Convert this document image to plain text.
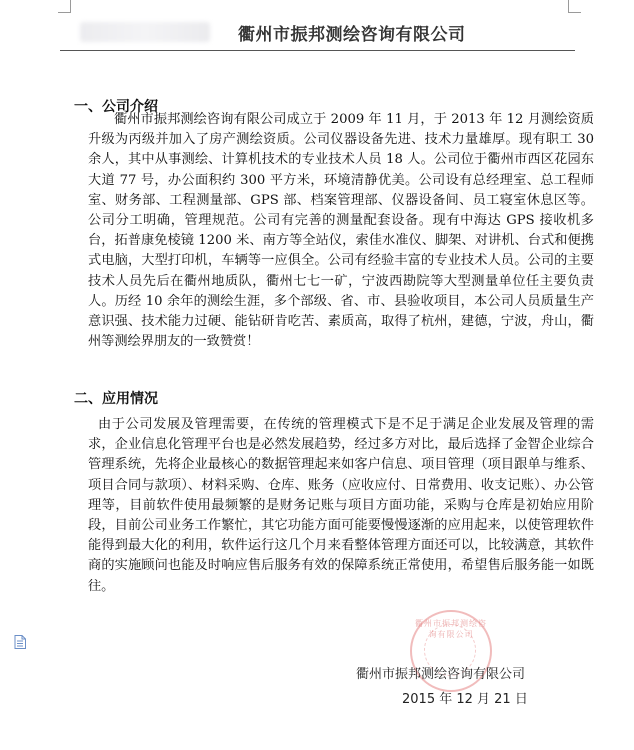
衢州市振邦测绘咨询有限公司
一、公司介绍
衢州市振邦测绘咨询有限公司成立于 2009 年 11 月，于 2013 年 12 月测绘资质升级为丙级并加入了房产测绘资质。公司仪器设备先进、技术力量雄厚。现有职工 30 余人，其中从事测绘、计算机技术的专业技术人员 18 人。公司位于衢州市西区花园东大道 77 号，办公面积约 300 平方米，环境清静优美。公司设有总经理室、总工程师室、财务部、工程测量部、GPS 部、档案管理部、仪器设备间、员工寝室休息区等。公司分工明确，管理规范。公司有完善的测量配套设备。现有中海达 GPS 接收机多台，拓普康免棱镜 1200 米、南方等全站仪，索佳水准仪、脚架、对讲机、台式和便携式电脑，大型打印机，车辆等一应俱全。公司有经验丰富的专业技术人员。公司的主要技术人员先后在衢州地质队，衢州七七一矿，宁波西勘院等大型测量单位任主要负责人。历经 10 余年的测绘生涯，多个部级、省、市、县验收项目，本公司人员质量生产意识强、技术能力过硬、能钻研肯吃苦、素质高，取得了杭州，建德，宁波，舟山，衢州等测绘界朋友的一致赞赏！
二、应用情况
由于公司发展及管理需要，在传统的管理模式下是不足于满足企业发展及管理的需求，企业信息化管理平台也是必然发展趋势，经过多方对比，最后选择了金智企业综合管理系统，先将企业最核心的数据管理起来如客户信息、项目管理（项目跟单与维系、项目合同与款项）、材料采购、仓库、账务（应收应付、日常费用、收支记账）、办公管理等，目前软件使用最频繁的是财务记账与项目方面功能，采购与仓库是初始应用阶段，目前公司业务工作繁忙，其它功能方面可能要慢慢逐渐的应用起来，以使管理软件能得到最大化的利用，软件运行这几个月来看整体管理方面还可以，比较满意，其软件商的实施顾问也能及时响应售后服务有效的保障系统正常使用，希望售后服务能一如既往。
衢州市振邦测绘咨询有限公司
衢州市振邦测绘咨询有限公司
2015 年 12 月 21 日
